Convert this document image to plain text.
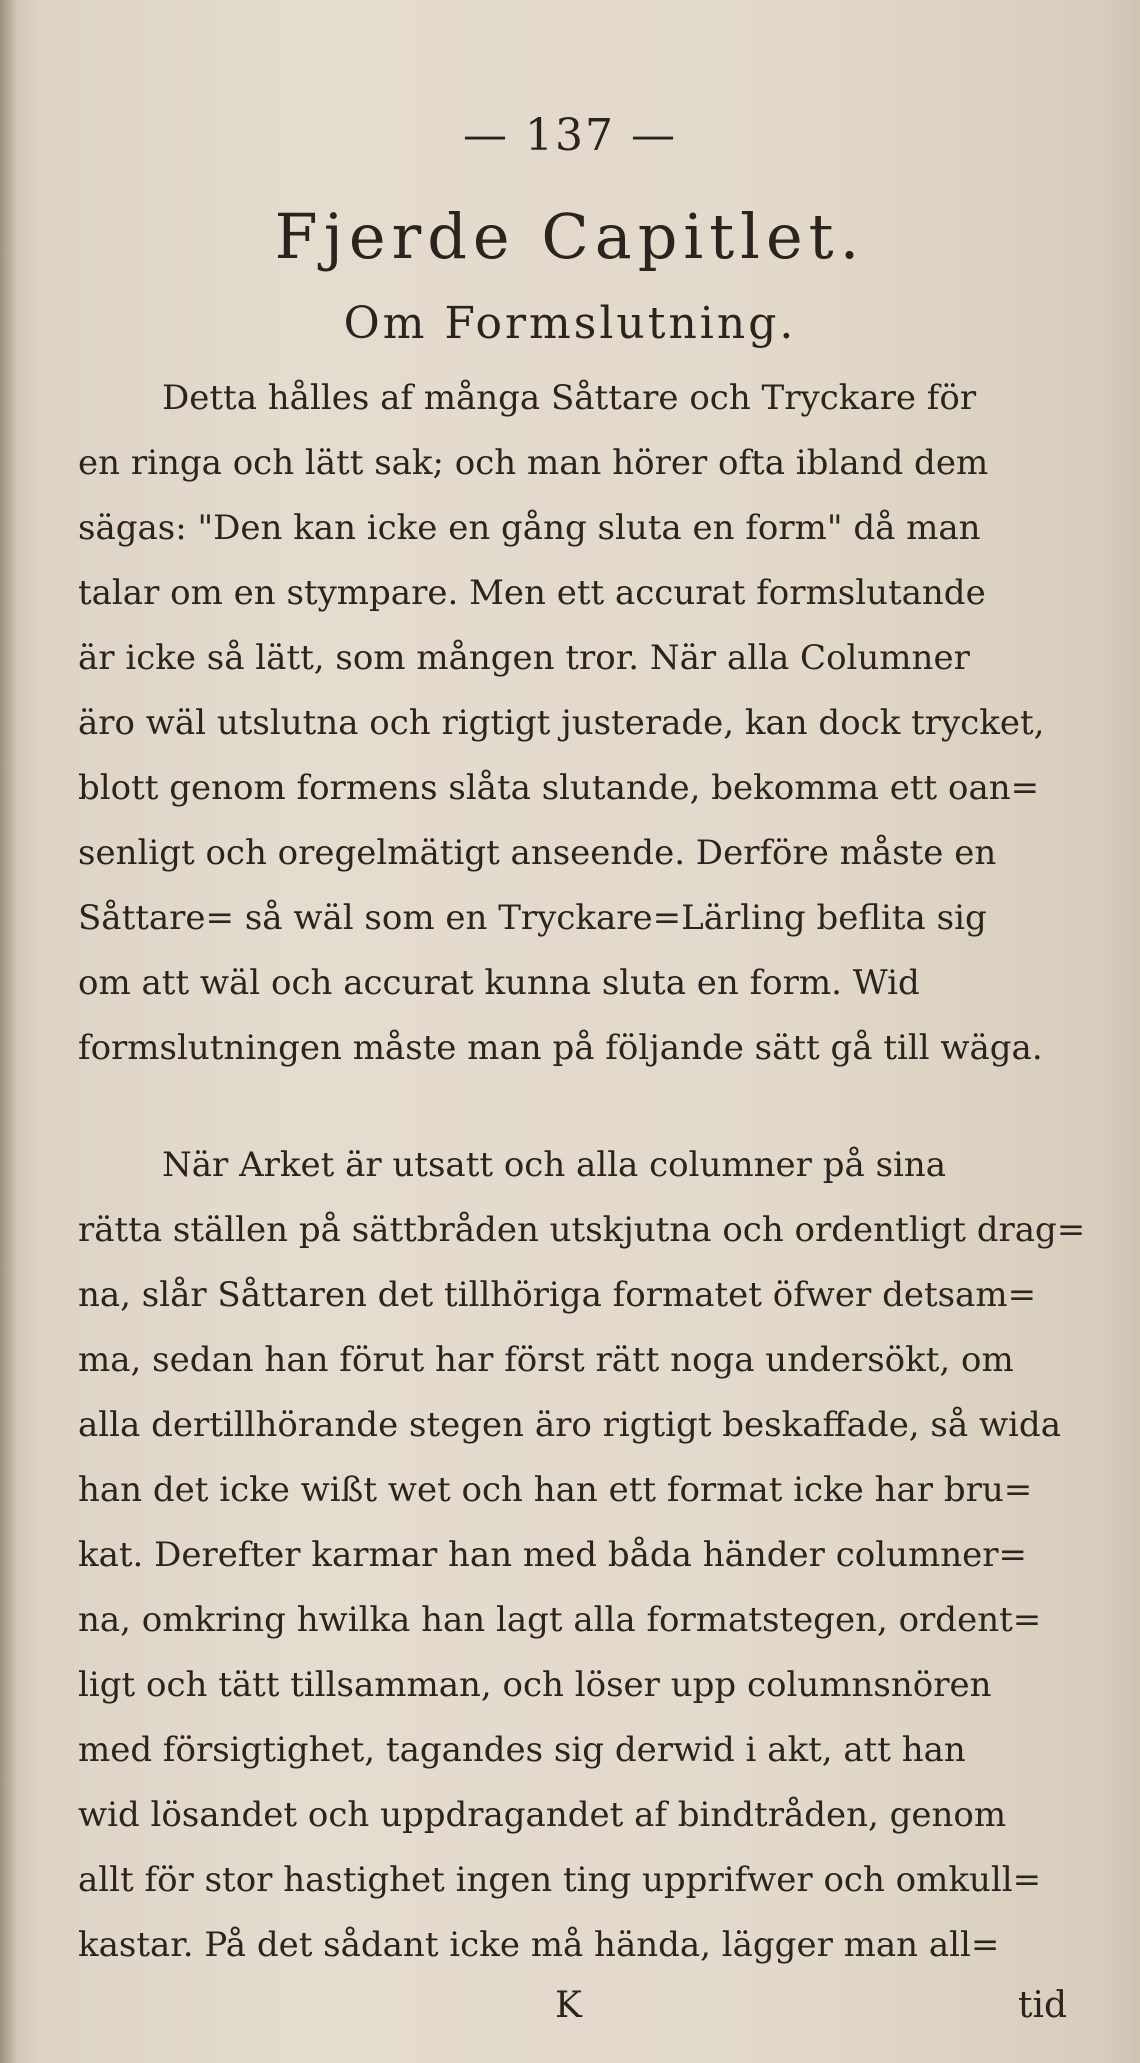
— 137 —
Fjerde Capitlet.
Om Formslutning.
Detta hålles af många Såttare och Tryckare för
en ringa och lätt sak; och man hörer ofta ibland dem
sägas: "Den kan icke en gång sluta en form" då man
talar om en stympare. Men ett accurat formslutande
är icke så lätt, som mången tror. När alla Columner
äro wäl utslutna och rigtigt justerade, kan dock trycket,
blott genom formens slåta slutande, bekomma ett oan=
senligt och oregelmätigt anseende. Derföre måste en
Såttare= så wäl som en Tryckare=Lärling beflita sig
om att wäl och accurat kunna sluta en form. Wid
formslutningen måste man på följande sätt gå till wäga.
När Arket är utsatt och alla columner på sina
rätta ställen på sättbråden utskjutna och ordentligt drag=
na, slår Såttaren det tillhöriga formatet öfwer detsam=
ma, sedan han förut har först rätt noga undersökt, om
alla dertillhörande stegen äro rigtigt beskaffade, så wida
han det icke wißt wet och han ett format icke har bru=
kat. Derefter karmar han med båda händer columner=
na, omkring hwilka han lagt alla formatstegen, ordent=
ligt och tätt tillsamman, och löser upp columnsnören
med försigtighet, tagandes sig derwid i akt, att han
wid lösandet och uppdragandet af bindtråden, genom
allt för stor hastighet ingen ting upprifwer och omkull=
kastar. På det sådant icke må hända, lägger man all=
K	tid
